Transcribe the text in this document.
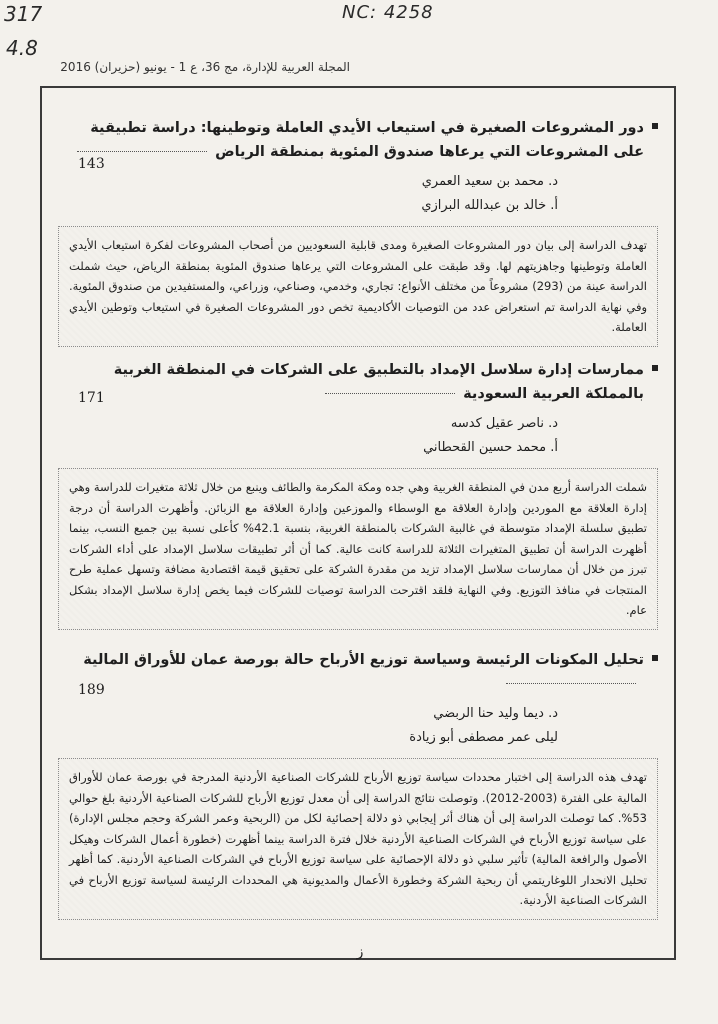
317
4.8
NC: 4258
المجلة العربية للإدارة، مج 36، ع 1 - يونيو (حزيران) 2016
دور المشروعات الصغيرة في استيعاب الأيدي العاملة وتوطينها: دراسة تطبيقية على المشروعات التي يرعاها صندوق المئوية بمنطقة الرياض
143
د. محمد بن سعيد العمري
أ. خالد بن عبدالله البرازي
تهدف الدراسة إلى بيان دور المشروعات الصغيرة ومدى قابلية السعوديين من أصحاب المشروعات لفكرة استيعاب الأيدي العاملة وتوطينها وجاهزيتهم لها. وقد طبقت على المشروعات التي يرعاها صندوق المئوية بمنطقة الرياض، حيث شملت الدراسة عينة من (293) مشروعاً من مختلف الأنواع: تجاري، وخدمي، وصناعي، وزراعي، والمستفيدين من صندوق المئوية. وفي نهاية الدراسة تم استعراض عدد من التوصيات الأكاديمية تخص دور المشروعات الصغيرة في استيعاب وتوطين الأيدي العاملة.
ممارسات إدارة سلاسل الإمداد بالتطبيق على الشركات في المنطقة الغربية بالمملكة العربية السعودية
171
د. ناصر عقيل كدسه
أ. محمد حسين القحطاني
شملت الدراسة أربع مدن في المنطقة الغربية وهي جده ومكة المكرمة والطائف وينبع من خلال ثلاثة متغيرات للدراسة وهي إدارة العلاقة مع الموردين وإدارة العلاقة مع الوسطاء والموزعين وإدارة العلاقة مع الزبائن. وأظهرت الدراسة أن درجة تطبيق سلسلة الإمداد متوسطة في غالبية الشركات بالمنطقة الغربية، بنسبة 42.1% كأعلى نسبة بين جميع النسب، بينما أظهرت الدراسة أن تطبيق المتغيرات الثلاثة للدراسة كانت عالية. كما أن أثر تطبيقات سلاسل الإمداد على أداء الشركات تبرز من خلال أن ممارسات سلاسل الإمداد تزيد من مقدرة الشركة على تحقيق قيمة اقتصادية مضافة وتسهل عملية طرح المنتجات في منافذ التوزيع. وفي النهاية فلقد اقترحت الدراسة توصيات للشركات فيما يخص إدارة سلاسل الإمداد بشكل عام.
تحليل المكونات الرئيسة وسياسة توزيع الأرباح حالة بورصة عمان للأوراق المالية
189
د. ديما وليد حنا الربضي
ليلى عمر مصطفى أبو زيادة
تهدف هذه الدراسة إلى اختبار محددات سياسة توزيع الأرباح للشركات الصناعية الأردنية المدرجة في بورصة عمان للأوراق المالية على الفترة (2003-2012). وتوصلت نتائج الدراسة إلى أن معدل توزيع الأرباح للشركات الصناعية الأردنية بلغ حوالي 53%. كما توصلت الدراسة إلى أن هناك أثر إيجابي ذو دلالة إحصائية لكل من (الربحية وعمر الشركة وحجم مجلس الإدارة) على سياسة توزيع الأرباح في الشركات الصناعية الأردنية خلال فترة الدراسة بينما أظهرت (خطورة أعمال الشركات وهيكل الأصول والرافعة المالية) تأثير سلبي ذو دلالة الإحصائية على سياسة توزيع الأرباح في الشركات الصناعية الأردنية. كما أظهر تحليل الانحدار اللوغاريتمي أن ربحية الشركة وخطورة الأعمال والمديونية هي المحددات الرئيسة لسياسة توزيع الأرباح في الشركات الصناعية الأردنية.
ز
